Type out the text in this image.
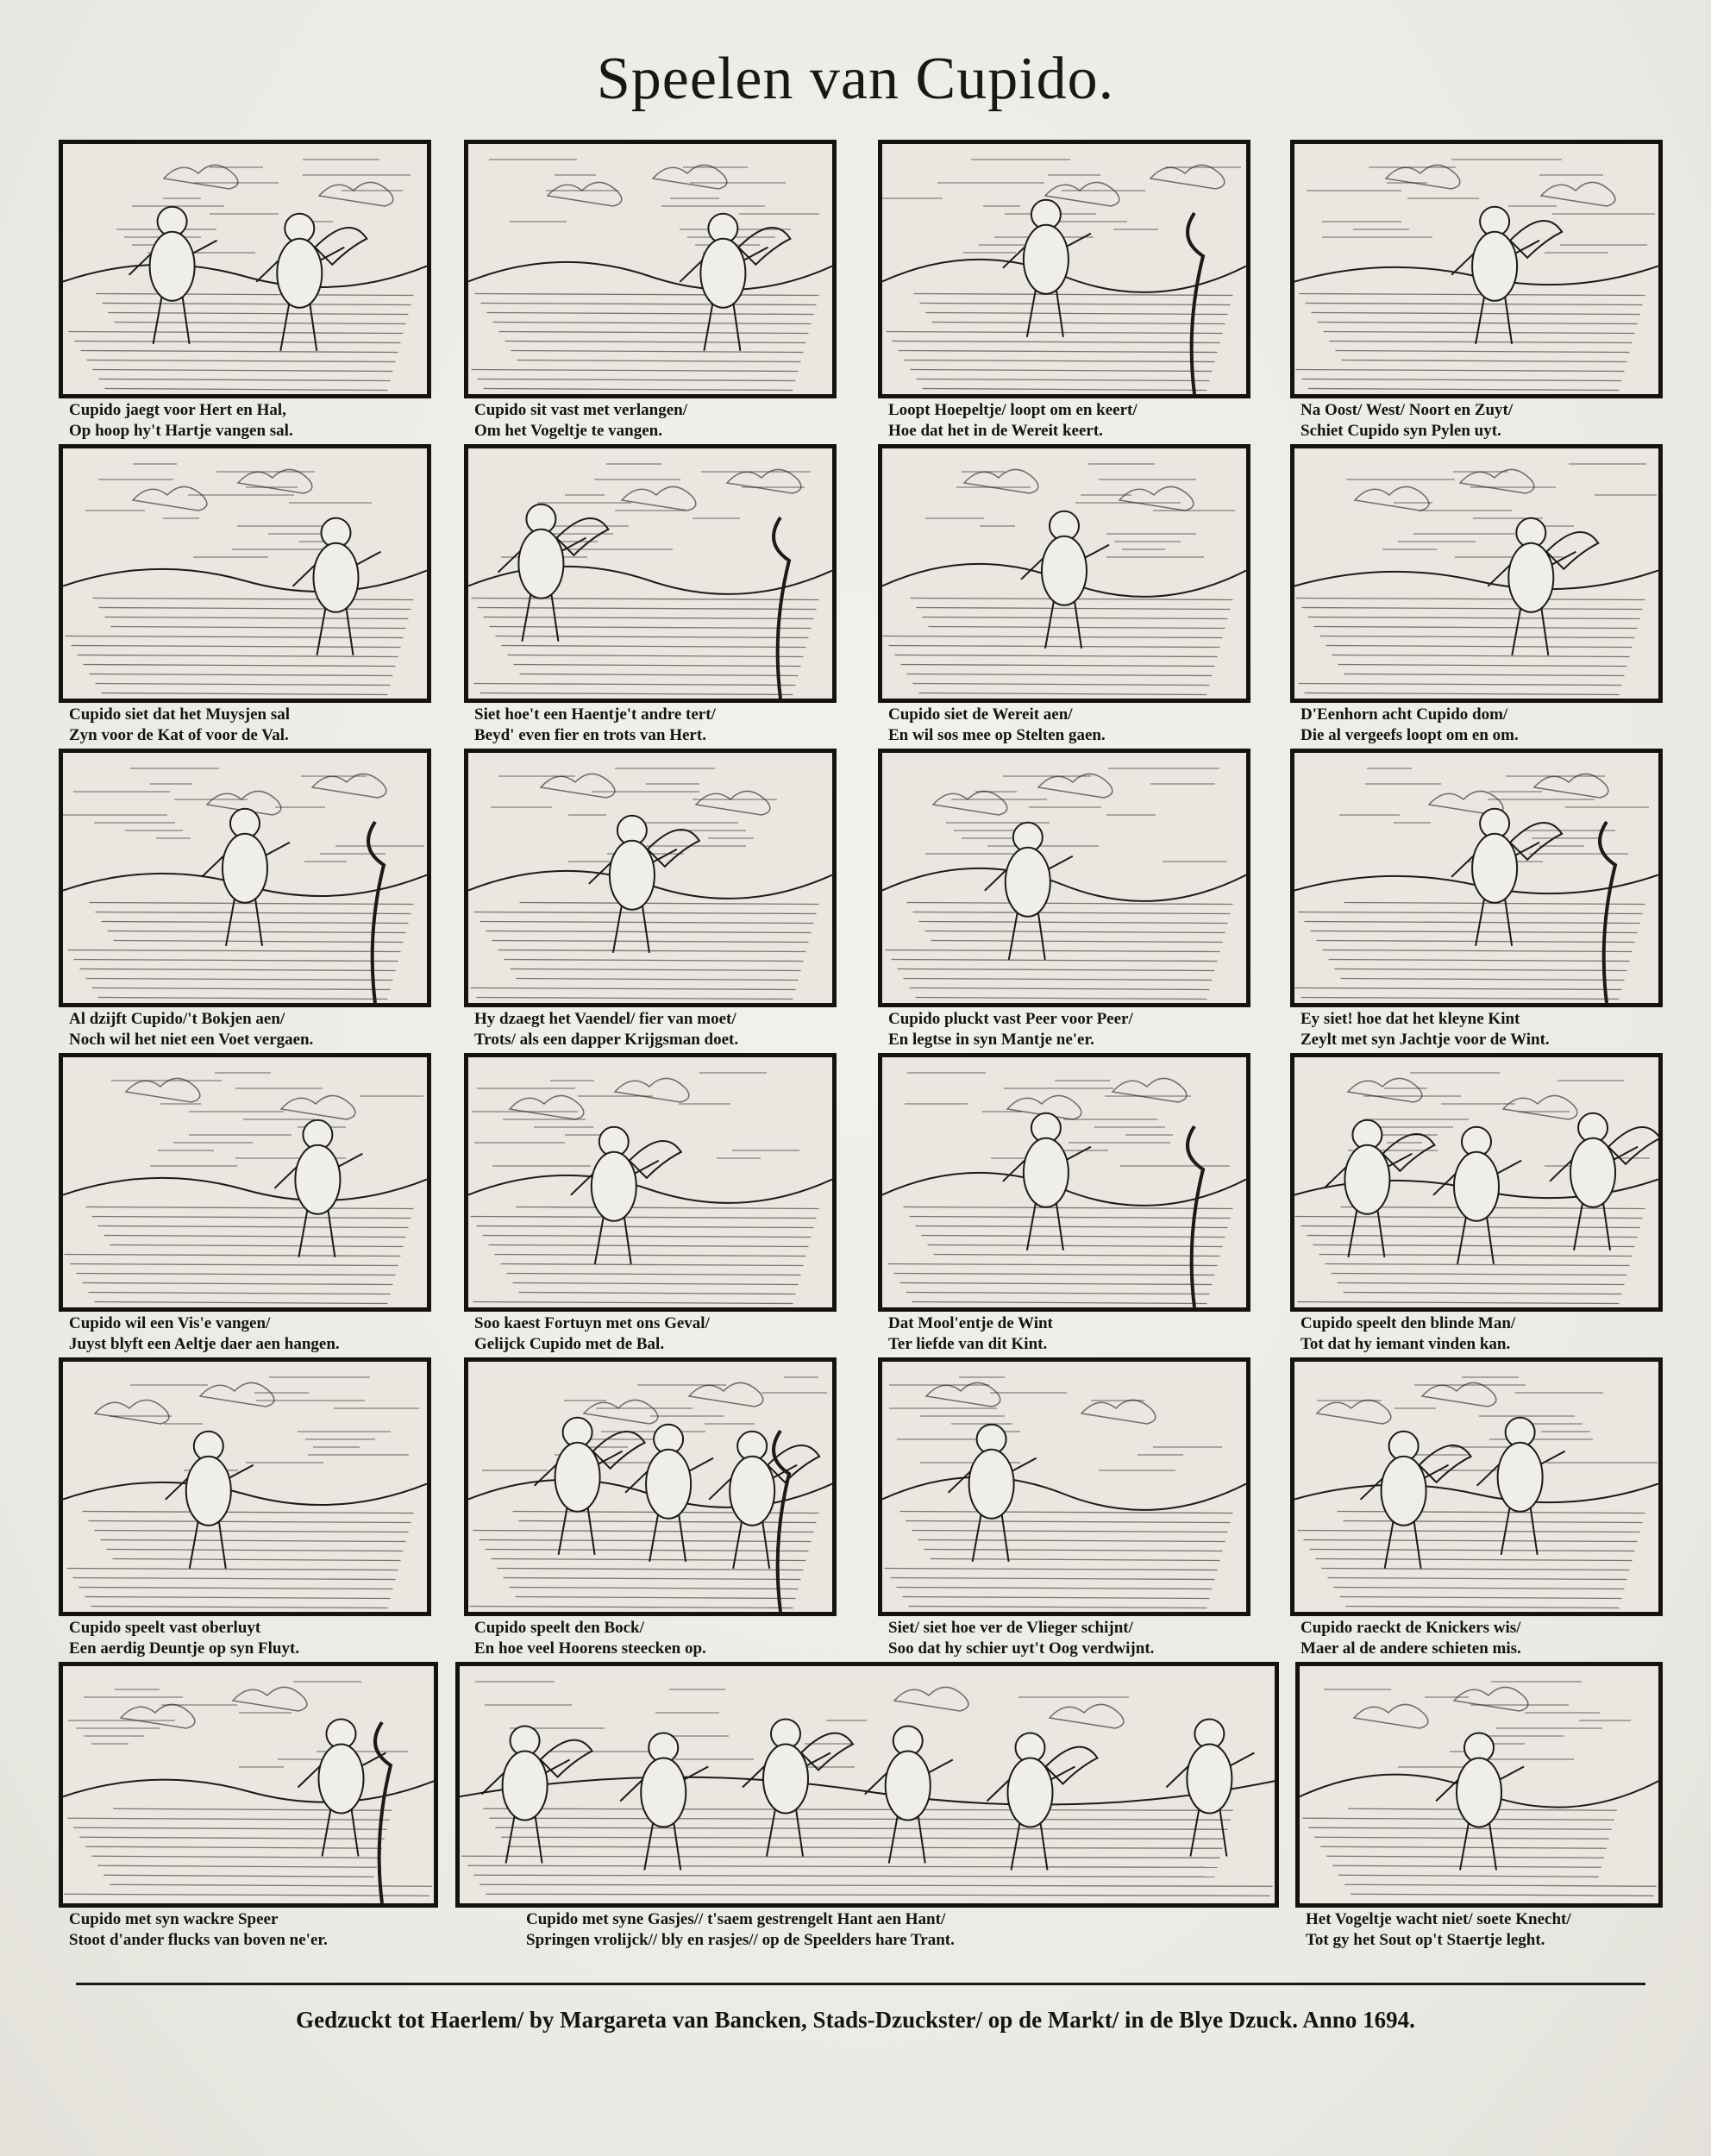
Speelen van Cupido.
Cupido jaegt voor Hert en Hal,
Op hoop hy't Hartje vangen sal.
Cupido sit vast met verlangen/
Om het Vogeltje te vangen.
Loopt Hoepeltje/ loopt om en keert/
Hoe dat het in de Wereit keert.
Na Oost/ West/ Noort en Zuyt/
Schiet Cupido syn Pylen uyt.
Cupido siet dat het Muysjen sal
Zyn voor de Kat of voor de Val.
Siet hoe't een Haentje't andre tert/
Beyd' even fier en trots van Hert.
Cupido siet de Wereit aen/
En wil sos mee op Stelten gaen.
D'Eenhorn acht Cupido dom/
Die al vergeefs loopt om en om.
Al dzijft Cupido/'t Bokjen aen/
Noch wil het niet een Voet vergaen.
Hy dzaegt het Vaendel/ fier van moet/
Trots/ als een dapper Krijgsman doet.
Cupido pluckt vast Peer voor Peer/
En legtse in syn Mantje ne'er.
Ey siet! hoe dat het kleyne Kint
Zeylt met syn Jachtje voor de Wint.
Cupido wil een Vis'e vangen/
Juyst blyft een Aeltje daer aen hangen.
Soo kaest Fortuyn met ons Geval/
Gelijck Cupido met de Bal.
Dat Mool'entje de Wint
Ter liefde van dit Kint.
Cupido speelt den blinde Man/
Tot dat hy iemant vinden kan.
Cupido speelt vast oberluyt
Een aerdig Deuntje op syn Fluyt.
Cupido speelt den Bock/
En hoe veel Hoorens steecken op.
Siet/ siet hoe ver de Vlieger schijnt/
Soo dat hy schier uyt't Oog verdwijnt.
Cupido raeckt de Knickers wis/
Maer al de andere schieten mis.
Cupido met syn wackre Speer
Stoot d'ander flucks van boven ne'er.
Cupido met syne Gasjes// t'saem gestrengelt Hant aen Hant/
Springen vrolijck// bly en rasjes// op de Speelders hare Trant.
Het Vogeltje wacht niet/ soete Knecht/
Tot gy het Sout op't Staertje leght.
Gedzuckt tot Haerlem/ by Margareta van Bancken, Stads-Dzuckster/ op de Markt/ in de Blye Dzuck. Anno 1694.
